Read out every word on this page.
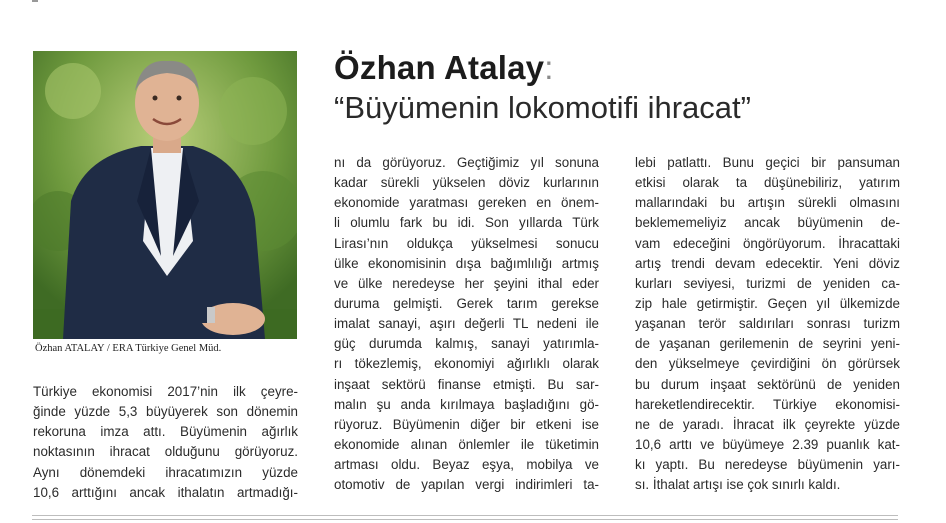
Özhan ATALAY / ERA Türkiye Genel Müd.
Özhan Atalay:
“Büyümenin lokomotifi ihracat”
Türkiye ekonomisi 2017’nin ilk çeyre-
ğinde yüzde 5,3 büyüyerek son dönemin
rekoruna imza attı. Büyümenin ağırlık
noktasının ihracat olduğunu görüyoruz.
Aynı dönemdeki ihracatımızın yüzde
10,6 arttığını ancak ithalatın artmadığı-
nı da görüyoruz. Geçtiğimiz yıl sonuna
kadar sürekli yükselen döviz kurlarının
ekonomide yaratması gereken en önem-
li olumlu fark bu idi. Son yıllarda Türk
Lirası’nın oldukça yükselmesi sonucu
ülke ekonomisinin dışa bağımlılığı artmış
ve ülke neredeyse her şeyini ithal eder
duruma gelmişti. Gerek tarım gerekse
imalat sanayi, aşırı değerli TL nedeni ile
güç durumda kalmış, sanayi yatırımla-
rı tökezlemiş, ekonomiyi ağırlıklı olarak
inşaat sektörü finanse etmişti. Bu sar-
malın şu anda kırılmaya başladığını gö-
rüyoruz. Büyümenin diğer bir etkeni ise
ekonomide alınan önlemler ile tüketimin
artması oldu. Beyaz eşya, mobilya ve
otomotiv de yapılan vergi indirimleri ta-
lebi patlattı. Bunu geçici bir pansuman
etkisi olarak ta düşünebiliriz, yatırım
mallarındaki bu artışın sürekli olmasını
beklememeliyiz ancak büyümenin de-
vam edeceğini öngörüyorum. İhracattaki
artış trendi devam edecektir. Yeni döviz
kurları seviyesi, turizmi de yeniden ca-
zip hale getirmiştir. Geçen yıl ülkemizde
yaşanan terör saldırıları sonrası turizm
de yaşanan gerilemenin de seyrini yeni-
den yükselmeye çevirdiğini ön görürsek
bu durum inşaat sektörünü de yeniden
hareketlendirecektir. Türkiye ekonomisi-
ne de yaradı. İhracat ilk çeyrekte yüzde
10,6 arttı ve büyümeye 2.39 puanlık kat-
kı yaptı. Bu neredeyse büyümenin yarı-
sı. İthalat artışı ise çok sınırlı kaldı.
